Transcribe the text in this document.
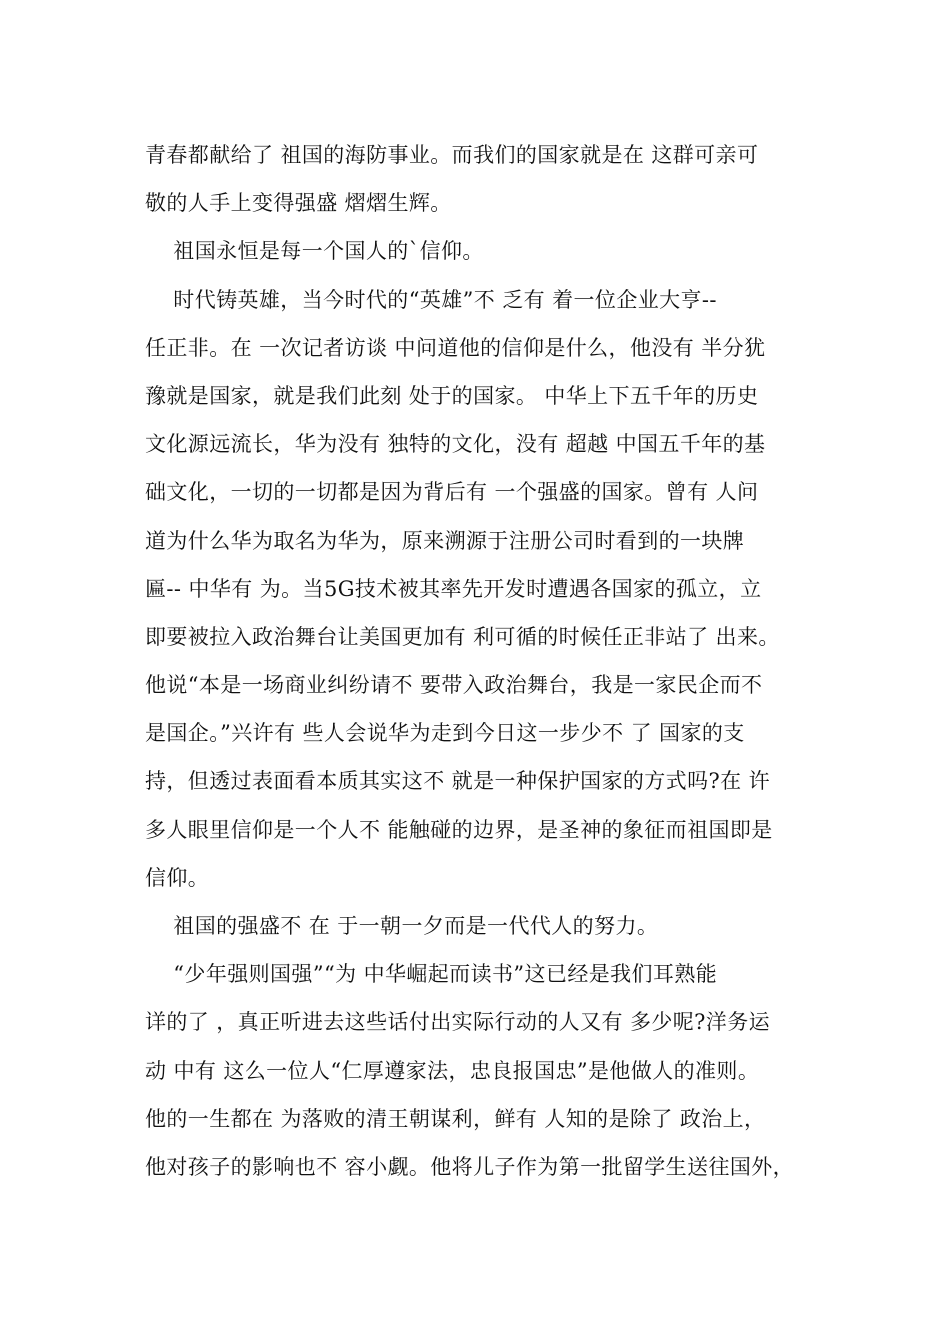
青春都献给了 祖国的海防事业。而我们的国家就是在 这群可亲可
敬的人手上变得强盛 熠熠生辉。
祖国永恒是每一个国人的`信仰。
时代铸英雄，当今时代的“英雄”不 乏有 着一位企业大亨--
任正非。在 一次记者访谈 中问道他的信仰是什么，他没有 半分犹
豫就是国家，就是我们此刻 处于的国家。 中华上下五千年的历史
文化源远流长，华为没有 独特的文化，没有 超越 中国五千年的基
础文化，一切的一切都是因为背后有 一个强盛的国家。曾有 人问
道为什么华为取名为华为，原来溯源于注册公司时看到的一块牌
匾-- 中华有 为。当5G技术被其率先开发时遭遇各国家的孤立，立
即要被拉入政治舞台让美国更加有 利可循的时候任正非站了 出来。
他说“本是一场商业纠纷请不 要带入政治舞台，我是一家民企而不
是国企。”兴许有 些人会说华为走到今日这一步少不 了 国家的支
持，但透过表面看本质其实这不 就是一种保护国家的方式吗?在 许
多人眼里信仰是一个人不 能触碰的边界，是圣神的象征而祖国即是
信仰。
祖国的强盛不 在 于一朝一夕而是一代代人的努力。
“少年强则国强”“为 中华崛起而读书”这已经是我们耳熟能
详的了 ，真正听进去这些话付出实际行动的人又有 多少呢?洋务运
动 中有 这么一位人“仁厚遵家法，忠良报国忠”是他做人的准则。
他的一生都在 为落败的清王朝谋利，鲜有 人知的是除了 政治上，
他对孩子的影响也不 容小觑。他将儿子作为第一批留学生送往国外，
